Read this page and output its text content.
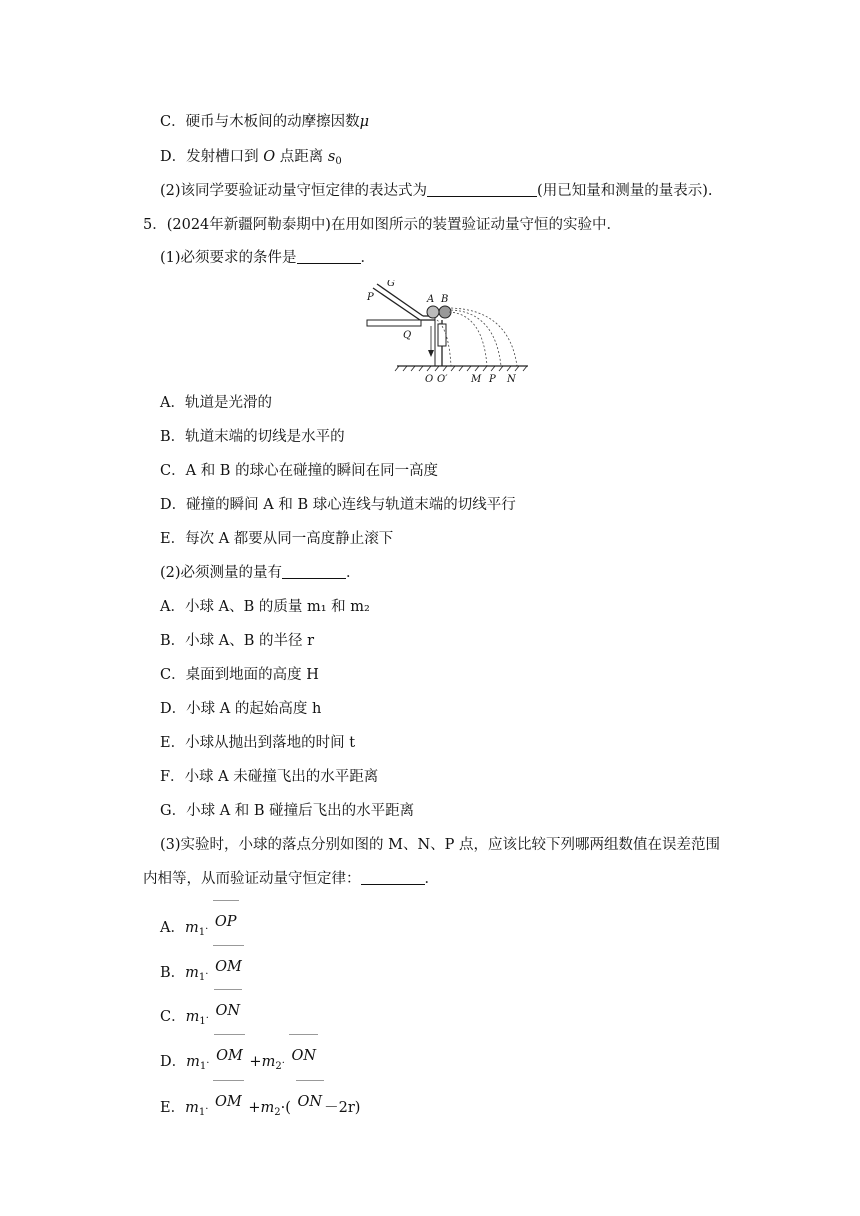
C．硬币与木板间的动摩擦因数μ
D．发射槽口到 O 点距离 $s_0$
(2)该同学要验证动量守恒定律的表达式为	(用已知量和测量的量表示).
5．(2024年新疆阿勒泰期中)在用如图所示的装置验证动量守恒的实验中．
(1)必须要求的条件是	．
P
G
A B
Q
O O′ M P N
A．轨道是光滑的
B．轨道末端的切线是水平的
C．A 和 B 的球心在碰撞的瞬间在同一高度
D．碰撞的瞬间 A 和 B 球心连线与轨道末端的切线平行
E．每次 A 都要从同一高度静止滚下
(2)必须测量的量有	．
A．小球 A、B 的质量 m₁ 和 m₂
B．小球 A、B 的半径 r
C．桌面到地面的高度 H
D．小球 A 的起始高度 h
E．小球从抛出到落地的时间 t
F．小球 A 未碰撞飞出的水平距离
G．小球 A 和 B 碰撞后飞出的水平距离
(3)实验时，小球的落点分别如图的 M、N、P 点，应该比较下列哪两组数值在误差范围
内相等，从而验证动量守恒定律：	．
A．$m_1\cdot$ OP
B．$m_1\cdot$ OM
C．$m_1\cdot$ ON
D．$m_1\cdot$ OM $+m_2\cdot$ ON
E．$m_1\cdot$ OM $+m_2\cdot$( ON －2r)
